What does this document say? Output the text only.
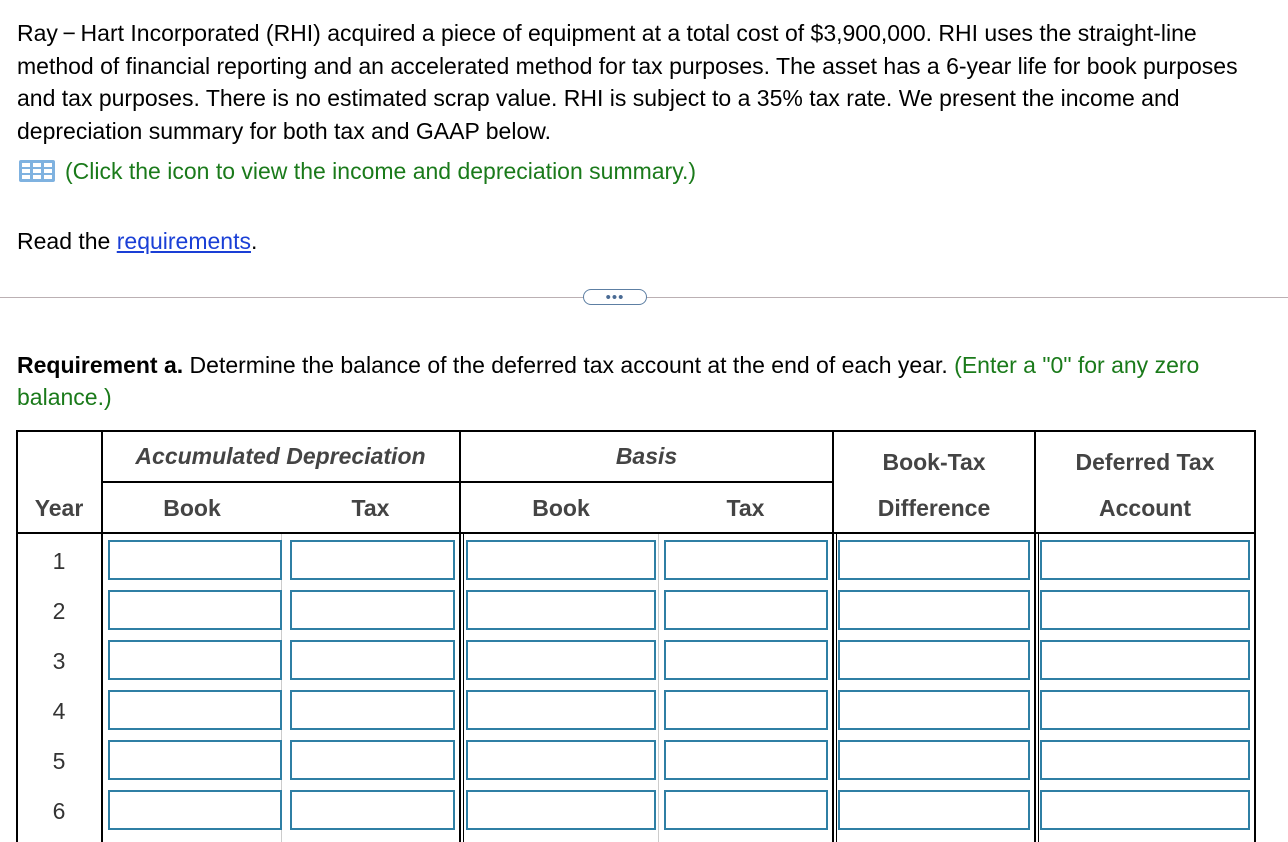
Ray − Hart Incorporated (RHI) acquired a piece of equipment at a total cost of $3,900,000. RHI uses the straight-line method of financial reporting and an accelerated method for tax purposes. The asset has a 6-year life for book purposes and tax purposes. There is no estimated scrap value. RHI is subject to a 35% tax rate. We present the income and depreciation summary for both tax and GAAP below.
(Click the icon to view the income and depreciation summary.)
Read the requirements.
•••
Requirement a. Determine the balance of the deferred tax account at the end of each year. (Enter a "0" for any zero balance.)
Accumulated Depreciation	Basis	Book-Tax	Deferred Tax
Year	Book	Tax	Book	Tax	Difference	Account
1
2
3
4
5
6
